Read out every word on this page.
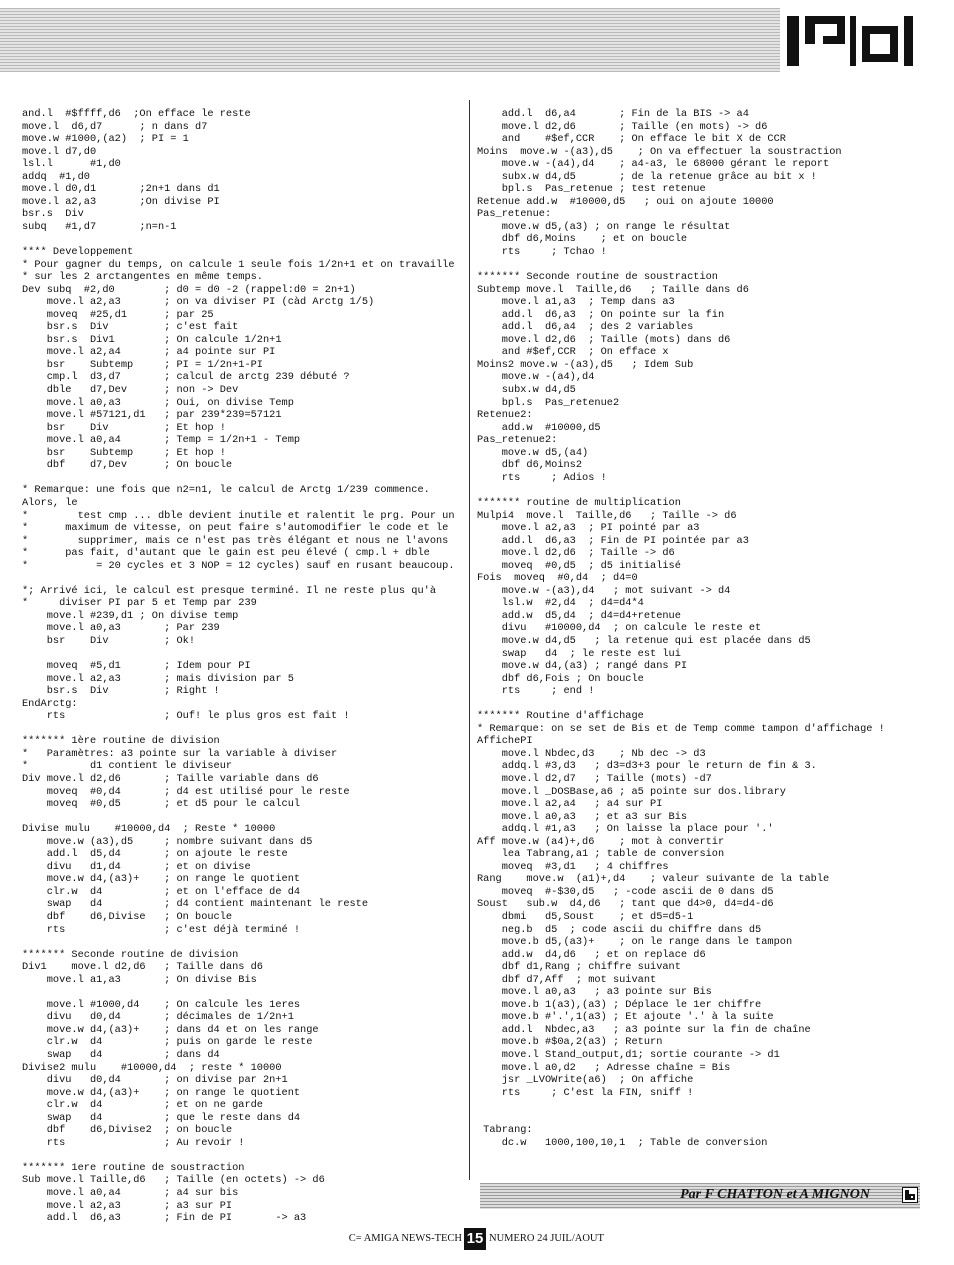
and.l  #$ffff,d6  ;On efface le reste
move.l  d6,d7      ; n dans d7
move.w #1000,(a2)  ; PI = 1
move.l d7,d0
lsl.l      #1,d0
addq  #1,d0
move.l d0,d1       ;2n+1 dans d1
move.l a2,a3       ;On divise PI
bsr.s  Div
subq   #1,d7       ;n=n-1

**** Developpement
* Pour gagner du temps, on calcule 1 seule fois 1/2n+1 et on travaille
* sur les 2 arctangentes en même temps.
Dev subq  #2,d0        ; d0 = d0 -2 (rappel:d0 = 2n+1)
move.l a2,a3       ; on va diviser PI (càd Arctg 1/5)
moveq  #25,d1      ; par 25
bsr.s  Div         ; c'est fait
bsr.s  Div1        ; On calcule 1/2n+1
move.l a2,a4       ; a4 pointe sur PI
bsr    Subtemp     ; PI = 1/2n+1-PI
cmp.l  d3,d7       ; calcul de arctg 239 débuté ?
dble   d7,Dev      ; non -> Dev
move.l a0,a3       ; Oui, on divise Temp
move.l #57121,d1   ; par 239*239=57121
bsr    Div         ; Et hop !
move.l a0,a4       ; Temp = 1/2n+1 - Temp
bsr    Subtemp     ; Et hop !
dbf    d7,Dev      ; On boucle

* Remarque: une fois que n2=n1, le calcul de Arctg 1/239 commence.
Alors, le
*        test cmp ... dble devient inutile et ralentit le prg. Pour un
*      maximum de vitesse, on peut faire s'automodifier le code et le
*        supprimer, mais ce n'est pas très élégant et nous ne l'avons
*      pas fait, d'autant que le gain est peu élevé ( cmp.l + dble
*           = 20 cycles et 3 NOP = 12 cycles) sauf en rusant beaucoup.

*; Arrivé ici, le calcul est presque terminé. Il ne reste plus qu'à
*     diviser PI par 5 et Temp par 239
move.l #239,d1 ; On divise temp
move.l a0,a3       ; Par 239
bsr    Div         ; Ok!

moveq  #5,d1       ; Idem pour PI
move.l a2,a3       ; mais division par 5
bsr.s  Div         ; Right !
EndArctg:
rts                ; Ouf! le plus gros est fait !

******* 1ère routine de division
*   Paramètres: a3 pointe sur la variable à diviser
*          d1 contient le diviseur
Div move.l d2,d6       ; Taille variable dans d6
moveq  #0,d4       ; d4 est utilisé pour le reste
moveq  #0,d5       ; et d5 pour le calcul

Divise mulu    #10000,d4  ; Reste * 10000
move.w (a3),d5     ; nombre suivant dans d5
add.l  d5,d4       ; on ajoute le reste
divu   d1,d4       ; et on divise
move.w d4,(a3)+    ; on range le quotient
clr.w  d4          ; et on l'efface de d4
swap   d4          ; d4 contient maintenant le reste
dbf    d6,Divise   ; On boucle
rts                ; c'est déjà terminé !

******* Seconde routine de division
Div1    move.l d2,d6   ; Taille dans d6
move.l a1,a3       ; On divise Bis

move.l #1000,d4    ; On calcule les 1eres
divu   d0,d4       ; décimales de 1/2n+1
move.w d4,(a3)+    ; dans d4 et on les range
clr.w  d4          ; puis on garde le reste
swap   d4          ; dans d4
Divise2 mulu    #10000,d4  ; reste * 10000
divu   d0,d4       ; on divise par 2n+1
move.w d4,(a3)+    ; on range le quotient
clr.w  d4          ; et on ne garde
swap   d4          ; que le reste dans d4
dbf    d6,Divise2  ; on boucle
rts                ; Au revoir !

******* 1ere routine de soustraction
Sub move.l Taille,d6   ; Taille (en octets) -> d6
move.l a0,a4       ; a4 sur bis
move.l a2,a3       ; a3 sur PI
add.l  d6,a3       ; Fin de PI       -> a3
add.l  d6,a4       ; Fin de la BIS -> a4
move.l d2,d6       ; Taille (en mots) -> d6
and    #$ef,CCR    ; On efface le bit X de CCR
Moins  move.w -(a3),d5    ; On va effectuer la soustraction
move.w -(a4),d4    ; a4-a3, le 68000 gérant le report
subx.w d4,d5       ; de la retenue grâce au bit x !
bpl.s  Pas_retenue ; test retenue
Retenue add.w  #10000,d5   ; oui on ajoute 10000
Pas_retenue:
move.w d5,(a3) ; on range le résultat
dbf d6,Moins    ; et on boucle
rts     ; Tchao !

******* Seconde routine de soustraction
Subtemp move.l  Taille,d6   ; Taille dans d6
move.l a1,a3  ; Temp dans a3
add.l  d6,a3  ; On pointe sur la fin
add.l  d6,a4  ; des 2 variables
move.l d2,d6  ; Taille (mots) dans d6
and #$ef,CCR  ; On efface x
Moins2 move.w -(a3),d5   ; Idem Sub
move.w -(a4),d4
subx.w d4,d5
bpl.s  Pas_retenue2
Retenue2:
add.w  #10000,d5
Pas_retenue2:
move.w d5,(a4)
dbf d6,Moins2
rts     ; Adios !

******* routine de multiplication
Mulpi4  move.l  Taille,d6   ; Taille -> d6
move.l a2,a3  ; PI pointé par a3
add.l  d6,a3  ; Fin de PI pointée par a3
move.l d2,d6  ; Taille -> d6
moveq  #0,d5  ; d5 initialisé
Fois  moveq  #0,d4  ; d4=0
move.w -(a3),d4   ; mot suivant -> d4
lsl.w  #2,d4  ; d4=d4*4
add.w  d5,d4  ; d4=d4+retenue
divu   #10000,d4  ; on calcule le reste et
move.w d4,d5   ; la retenue qui est placée dans d5
swap   d4  ; le reste est lui
move.w d4,(a3) ; rangé dans PI
dbf d6,Fois ; On boucle
rts     ; end !

******* Routine d'affichage
* Remarque: on se set de Bis et de Temp comme tampon d'affichage !
AffichePI
move.l Nbdec,d3    ; Nb dec -> d3
addq.l #3,d3   ; d3=d3+3 pour le return de fin & 3.
move.l d2,d7   ; Taille (mots) -d7
move.l _DOSBase,a6 ; a5 pointe sur dos.library
move.l a2,a4   ; a4 sur PI
move.l a0,a3   ; et a3 sur Bis
addq.l #1,a3   ; On laisse la place pour '.'
Aff move.w (a4)+,d6    ; mot à convertir
lea Tabrang,a1 ; table de conversion
moveq  #3,d1   ; 4 chiffres
Rang    move.w  (a1)+,d4    ; valeur suivante de la table
moveq  #-$30,d5   ; -code ascii de 0 dans d5
Soust   sub.w  d4,d6   ; tant que d4>0, d4=d4-d6
dbmi   d5,Soust    ; et d5=d5-1
neg.b  d5  ; code ascii du chiffre dans d5
move.b d5,(a3)+    ; on le range dans le tampon
add.w  d4,d6   ; et on replace d6
dbf d1,Rang ; chiffre suivant
dbf d7,Aff  ; mot suivant
move.l a0,a3   ; a3 pointe sur Bis
move.b 1(a3),(a3) ; Déplace le 1er chiffre
move.b #'.',1(a3) ; Et ajoute '.' à la suite
add.l  Nbdec,a3   ; a3 pointe sur la fin de chaîne
move.b #$0a,2(a3) ; Return
move.l Stand_output,d1; sortie courante -> d1
move.l a0,d2   ; Adresse chaîne = Bis
jsr _LVOWrite(a6)  ; On affiche
rts     ; C'est la FIN, sniff !

Tabrang:
dc.w   1000,100,10,1  ; Table de conversion
Par F CHATTON et A MIGNON
C= AMIGA NEWS-TECH 15 NUMERO 24 JUIL/AOUT
